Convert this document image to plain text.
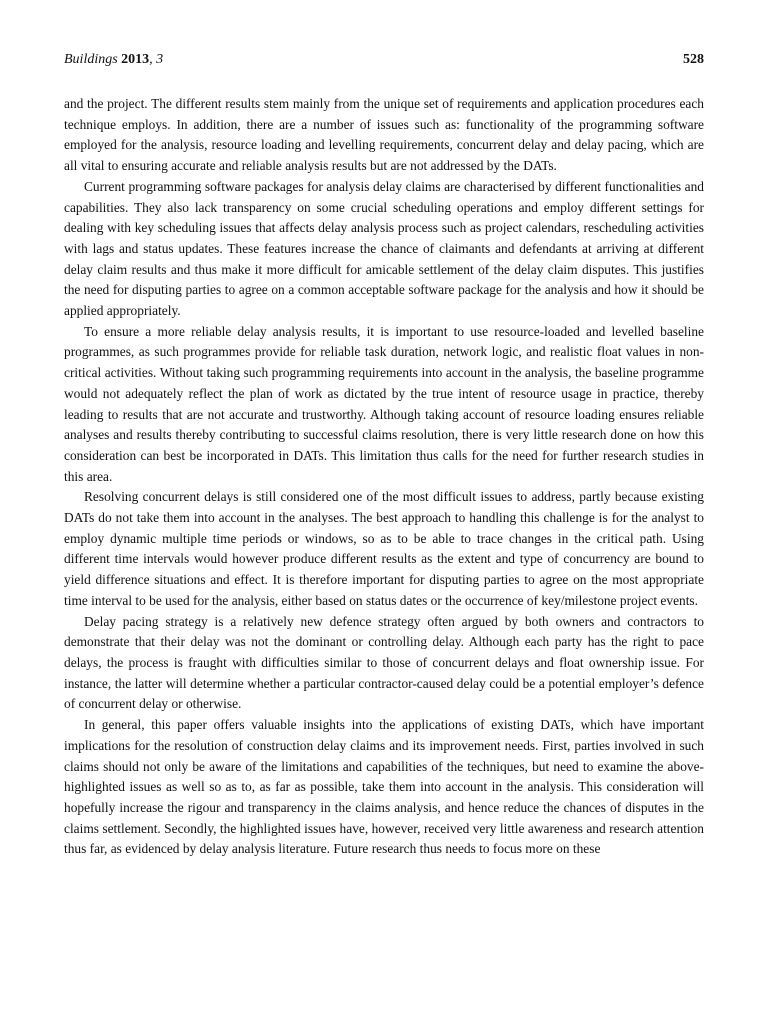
Buildings 2013, 3	528

and the project. The different results stem mainly from the unique set of requirements and application procedures each technique employs. In addition, there are a number of issues such as: functionality of the programming software employed for the analysis, resource loading and levelling requirements, concurrent delay and delay pacing, which are all vital to ensuring accurate and reliable analysis results but are not addressed by the DATs.

Current programming software packages for analysis delay claims are characterised by different functionalities and capabilities. They also lack transparency on some crucial scheduling operations and employ different settings for dealing with key scheduling issues that affects delay analysis process such as project calendars, rescheduling activities with lags and status updates. These features increase the chance of claimants and defendants at arriving at different delay claim results and thus make it more difficult for amicable settlement of the delay claim disputes. This justifies the need for disputing parties to agree on a common acceptable software package for the analysis and how it should be applied appropriately.

To ensure a more reliable delay analysis results, it is important to use resource-loaded and levelled baseline programmes, as such programmes provide for reliable task duration, network logic, and realistic float values in non-critical activities. Without taking such programming requirements into account in the analysis, the baseline programme would not adequately reflect the plan of work as dictated by the true intent of resource usage in practice, thereby leading to results that are not accurate and trustworthy. Although taking account of resource loading ensures reliable analyses and results thereby contributing to successful claims resolution, there is very little research done on how this consideration can best be incorporated in DATs. This limitation thus calls for the need for further research studies in this area.

Resolving concurrent delays is still considered one of the most difficult issues to address, partly because existing DATs do not take them into account in the analyses. The best approach to handling this challenge is for the analyst to employ dynamic multiple time periods or windows, so as to be able to trace changes in the critical path. Using different time intervals would however produce different results as the extent and type of concurrency are bound to yield difference situations and effect. It is therefore important for disputing parties to agree on the most appropriate time interval to be used for the analysis, either based on status dates or the occurrence of key/milestone project events.

Delay pacing strategy is a relatively new defence strategy often argued by both owners and contractors to demonstrate that their delay was not the dominant or controlling delay. Although each party has the right to pace delays, the process is fraught with difficulties similar to those of concurrent delays and float ownership issue. For instance, the latter will determine whether a particular contractor-caused delay could be a potential employer’s defence of concurrent delay or otherwise.

In general, this paper offers valuable insights into the applications of existing DATs, which have important implications for the resolution of construction delay claims and its improvement needs. First, parties involved in such claims should not only be aware of the limitations and capabilities of the techniques, but need to examine the above-highlighted issues as well so as to, as far as possible, take them into account in the analysis. This consideration will hopefully increase the rigour and transparency in the claims analysis, and hence reduce the chances of disputes in the claims settlement. Secondly, the highlighted issues have, however, received very little awareness and research attention thus far, as evidenced by delay analysis literature. Future research thus needs to focus more on these
